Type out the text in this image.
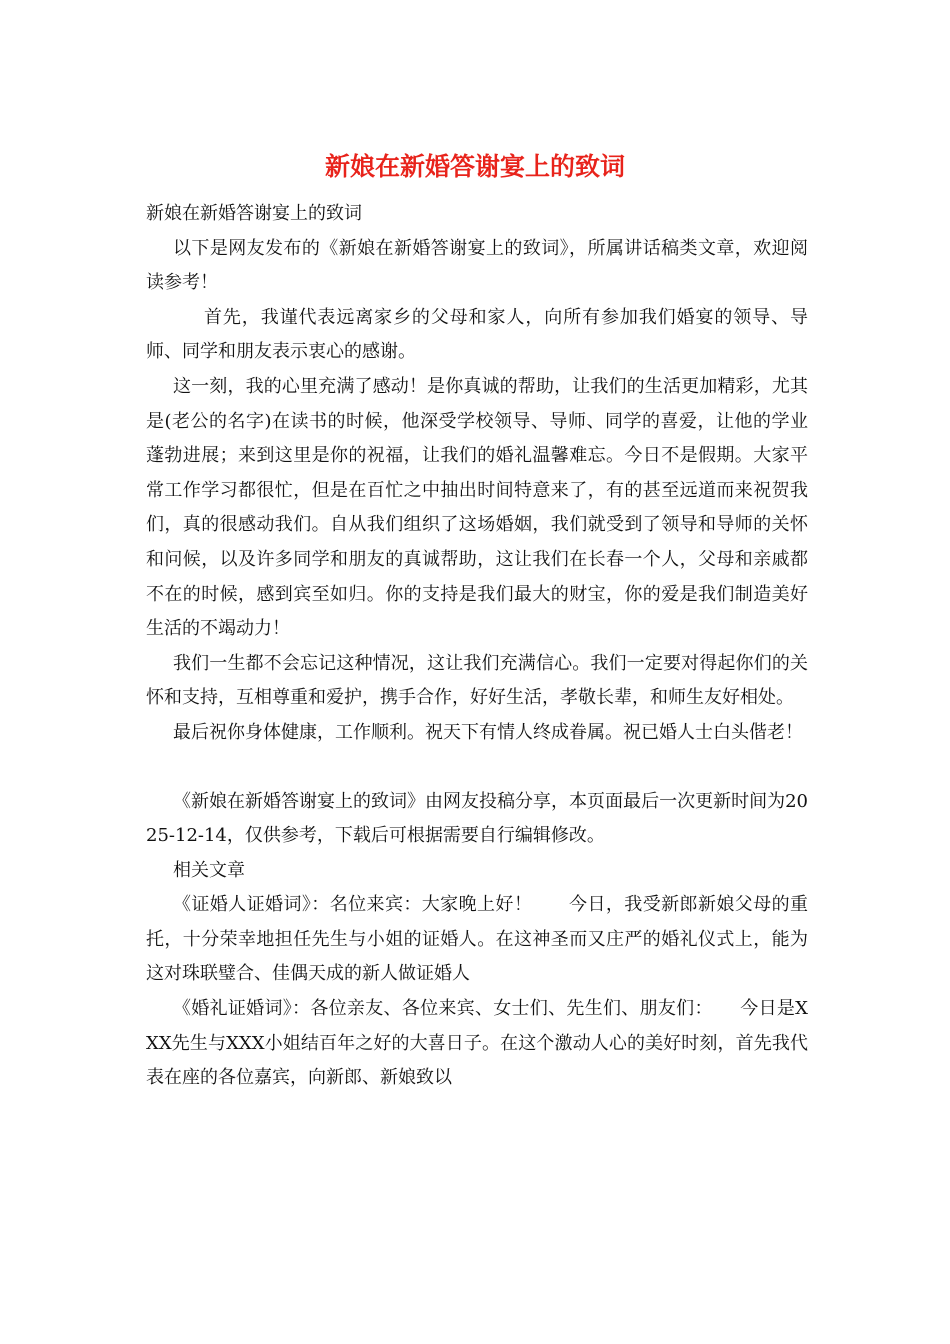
新娘在新婚答谢宴上的致词

新娘在新婚答谢宴上的致词

以下是网友发布的《新娘在新婚答谢宴上的致词》，所属讲话稿类文章，欢迎阅读参考！

首先，我谨代表远离家乡的父母和家人，向所有参加我们婚宴的领导、导师、同学和朋友表示衷心的感谢。

这一刻，我的心里充满了感动！是你真诚的帮助，让我们的生活更加精彩，尤其是(老公的名字)在读书的时候，他深受学校领导、导师、同学的喜爱，让他的学业蓬勃进展；来到这里是你的祝福，让我们的婚礼温馨难忘。今日不是假期。大家平常工作学习都很忙，但是在百忙之中抽出时间特意来了，有的甚至远道而来祝贺我们，真的很感动我们。自从我们组织了这场婚姻，我们就受到了领导和导师的关怀和问候，以及许多同学和朋友的真诚帮助，这让我们在长春一个人，父母和亲戚都不在的时候，感到宾至如归。你的支持是我们最大的财宝，你的爱是我们制造美好生活的不竭动力！

我们一生都不会忘记这种情况，这让我们充满信心。我们一定要对得起你们的关怀和支持，互相尊重和爱护，携手合作，好好生活，孝敬长辈，和师生友好相处。

最后祝你身体健康，工作顺利。祝天下有情人终成眷属。祝已婚人士白头偕老！

《新娘在新婚答谢宴上的致词》由网友投稿分享，本页面最后一次更新时间为2025-12-14，仅供参考，下载后可根据需要自行编辑修改。

相关文章

《证婚人证婚词》：名位来宾：大家晚上好！　　今日，我受新郎新娘父母的重托，十分荣幸地担任先生与小姐的证婚人。在这神圣而又庄严的婚礼仪式上，能为这对珠联璧合、佳偶天成的新人做证婚人

《婚礼证婚词》：各位亲友、各位来宾、女士们、先生们、朋友们：　　今日是XXX先生与XXX小姐结百年之好的大喜日子。在这个激动人心的美好时刻，首先我代表在座的各位嘉宾，向新郎、新娘致以
